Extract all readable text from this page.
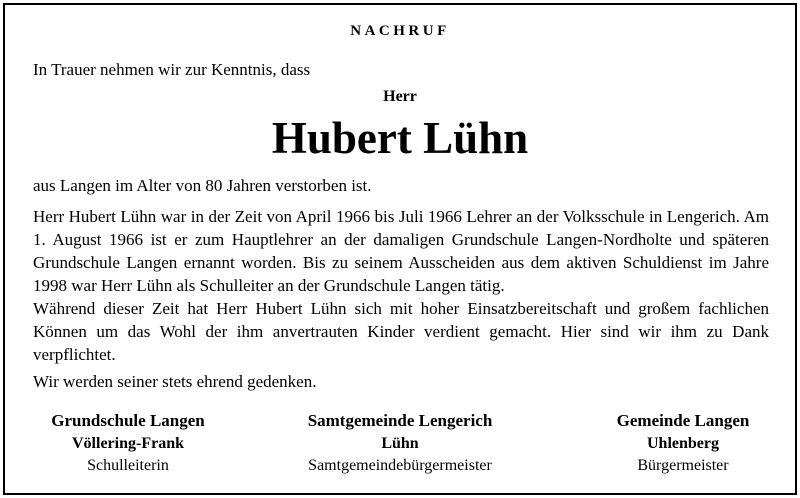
NACHRUF
In Trauer nehmen wir zur Kenntnis, dass
Herr
Hubert Lühn
aus Langen im Alter von 80 Jahren verstorben ist.
Herr Hubert Lühn war in der Zeit von April 1966 bis Juli 1966 Lehrer an der Volksschule in Lengerich. Am 1. August 1966 ist er zum Hauptlehrer an der damaligen Grundschule Langen-Nordholte und späteren Grundschule Langen ernannt worden. Bis zu seinem Ausscheiden aus dem aktiven Schuldienst im Jahre 1998 war Herr Lühn als Schulleiter an der Grundschule Langen tätig.
Während dieser Zeit hat Herr Hubert Lühn sich mit hoher Einsatzbereitschaft und großem fachlichen Können um das Wohl der ihm anvertrauten Kinder verdient gemacht. Hier sind wir ihm zu Dank verpflichtet.
Wir werden seiner stets ehrend gedenken.
Grundschule Langen
Völlering-Frank
Schulleiterin
Samtgemeinde Lengerich
Lühn
Samtgemeindebürgermeister
Gemeinde Langen
Uhlenberg
Bürgermeister
